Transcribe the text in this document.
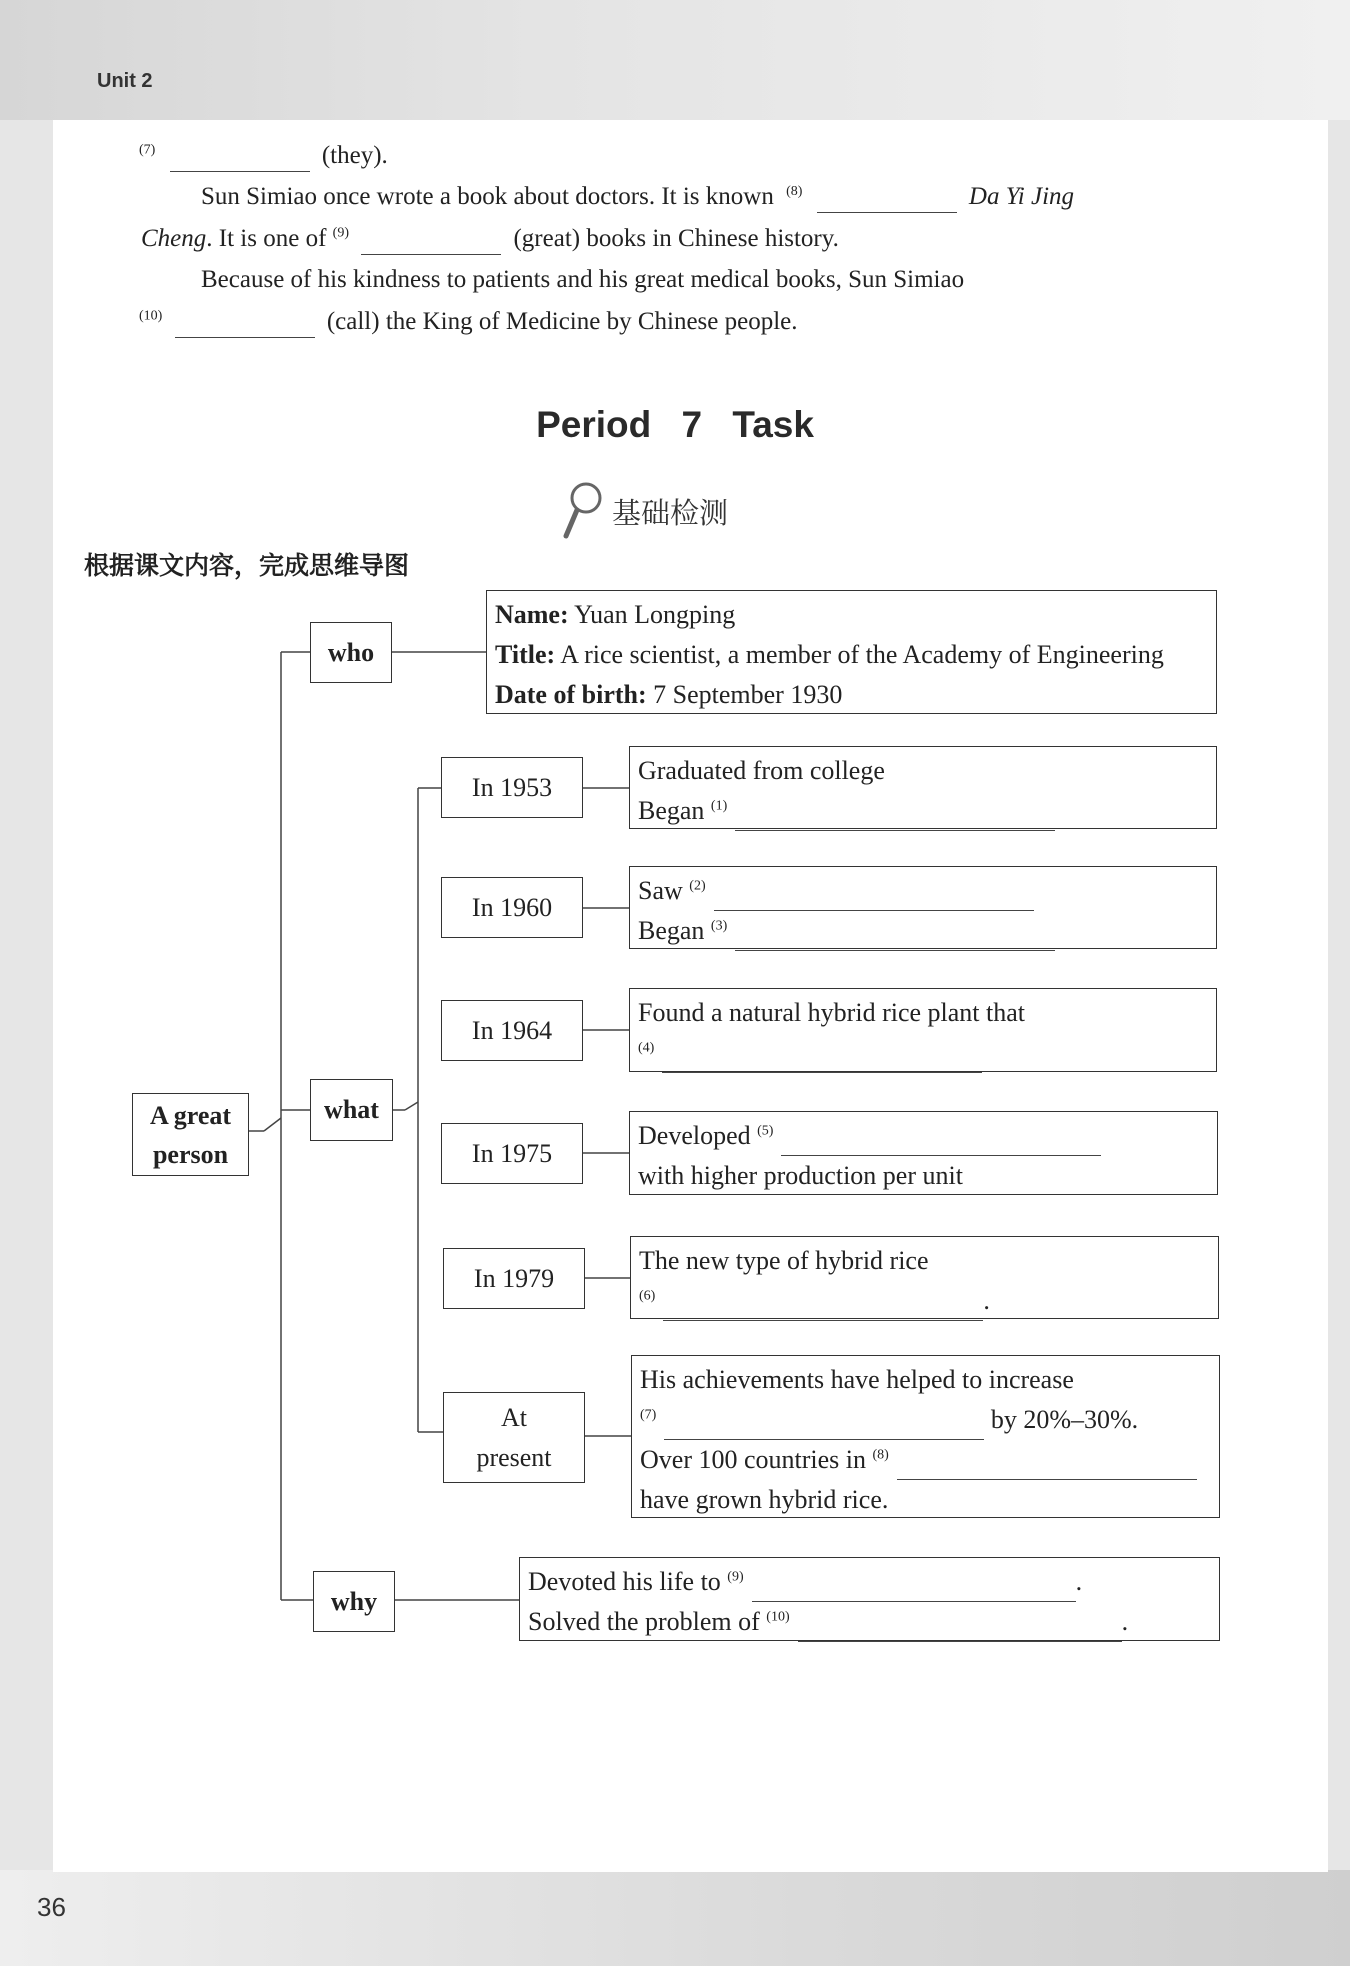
Unit 2
$^{(7)}$	(they).
Sun Simiao once wrote a book about doctors. It is known $^{(8)}$	Da Yi Jing
Cheng. It is one of $^{(9)}$	(great) books in Chinese history.
Because of his kindness to patients and his great medical books, Sun Simiao
$^{(10)}$	(call) the King of Medicine by Chinese people.
Period 7 Task
基础检测
根据课文内容，完成思维导图
A great
person
who
Name: Yuan Longping
Title: A rice scientist, a member of the Academy of Engineering
Date of birth: 7 September 1930
what
In 1953
Graduated from college
Began $^{(1)}$
In 1960
Saw $^{(2)}$
Began $^{(3)}$
In 1964
Found a natural hybrid rice plant that
$^{(4)}$
In 1975
Developed $^{(5)}$
with higher production per unit
In 1979
The new type of hybrid rice
$^{(6)}$	.
At
present
His achievements have helped to increase
$^{(7)}$	by 20%–30%.
Over 100 countries in $^{(8)}$
have grown hybrid rice.
why
Devoted his life to $^{(9)}$	.
Solved the problem of $^{(10)}$	.
36
